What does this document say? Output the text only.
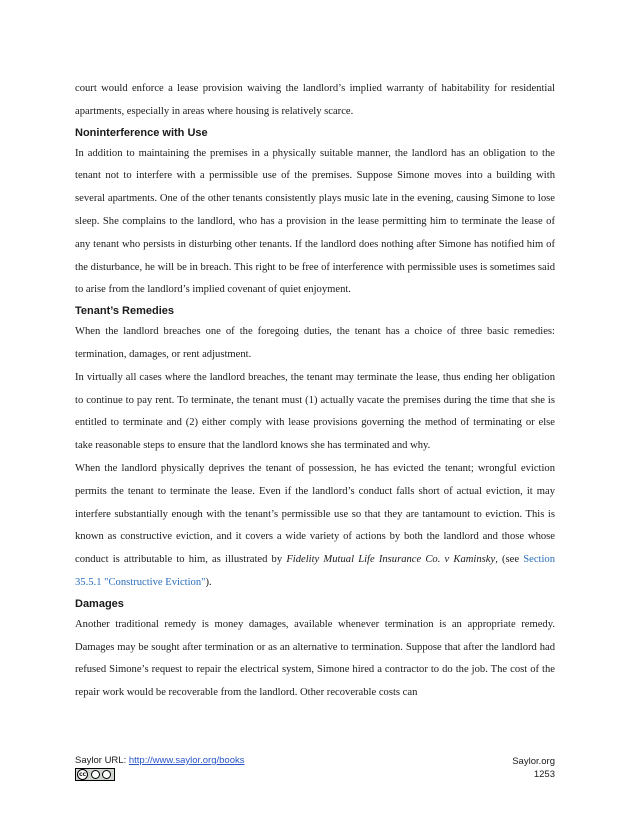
court would enforce a lease provision waiving the landlord’s implied warranty of habitability for residential apartments, especially in areas where housing is relatively scarce.

Noninterference with Use

In addition to maintaining the premises in a physically suitable manner, the landlord has an obligation to the tenant not to interfere with a permissible use of the premises. Suppose Simone moves into a building with several apartments. One of the other tenants consistently plays music late in the evening, causing Simone to lose sleep. She complains to the landlord, who has a provision in the lease permitting him to terminate the lease of any tenant who persists in disturbing other tenants. If the landlord does nothing after Simone has notified him of the disturbance, he will be in breach. This right to be free of interference with permissible uses is sometimes said to arise from the landlord’s implied covenant of quiet enjoyment.

Tenant’s Remedies

When the landlord breaches one of the foregoing duties, the tenant has a choice of three basic remedies: termination, damages, or rent adjustment.

In virtually all cases where the landlord breaches, the tenant may terminate the lease, thus ending her obligation to continue to pay rent. To terminate, the tenant must (1) actually vacate the premises during the time that she is entitled to terminate and (2) either comply with lease provisions governing the method of terminating or else take reasonable steps to ensure that the landlord knows she has terminated and why.

When the landlord physically deprives the tenant of possession, he has evicted the tenant; wrongful eviction permits the tenant to terminate the lease. Even if the landlord’s conduct falls short of actual eviction, it may interfere substantially enough with the tenant’s permissible use so that they are tantamount to eviction. This is known as constructive eviction, and it covers a wide variety of actions by both the landlord and those whose conduct is attributable to him, as illustrated by Fidelity Mutual Life Insurance Co. v Kaminsky, (see Section 35.5.1 "Constructive Eviction").

Damages

Another traditional remedy is money damages, available whenever termination is an appropriate remedy. Damages may be sought after termination or as an alternative to termination. Suppose that after the landlord had refused Simone’s request to repair the electrical system, Simone hired a contractor to do the job. The cost of the repair work would be recoverable from the landlord. Other recoverable costs can

Saylor URL: http://www.saylor.org/books
cc
Saylor.org
1253
